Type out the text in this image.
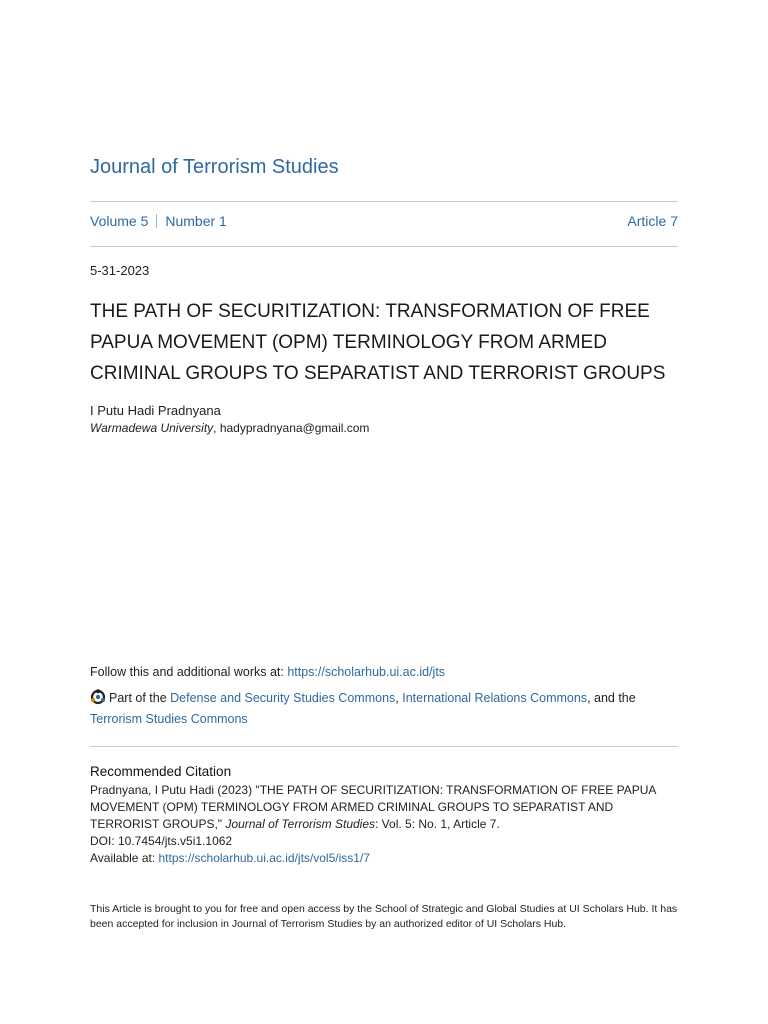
Journal of Terrorism Studies
Volume 5 Number 1	Article 7
5-31-2023
THE PATH OF SECURITIZATION: TRANSFORMATION OF FREE PAPUA MOVEMENT (OPM) TERMINOLOGY FROM ARMED CRIMINAL GROUPS TO SEPARATIST AND TERRORIST GROUPS
I Putu Hadi Pradnyana
Warmadewa University, hadypradnyana@gmail.com
Follow this and additional works at: https://scholarhub.ui.ac.id/jts
Part of the Defense and Security Studies Commons, International Relations Commons, and the
Terrorism Studies Commons
Recommended Citation
Pradnyana, I Putu Hadi (2023) "THE PATH OF SECURITIZATION: TRANSFORMATION OF FREE PAPUA MOVEMENT (OPM) TERMINOLOGY FROM ARMED CRIMINAL GROUPS TO SEPARATIST AND TERRORIST GROUPS," Journal of Terrorism Studies: Vol. 5: No. 1, Article 7.
DOI: 10.7454/jts.v5i1.1062
Available at: https://scholarhub.ui.ac.id/jts/vol5/iss1/7
This Article is brought to you for free and open access by the School of Strategic and Global Studies at UI Scholars Hub. It has been accepted for inclusion in Journal of Terrorism Studies by an authorized editor of UI Scholars Hub.
